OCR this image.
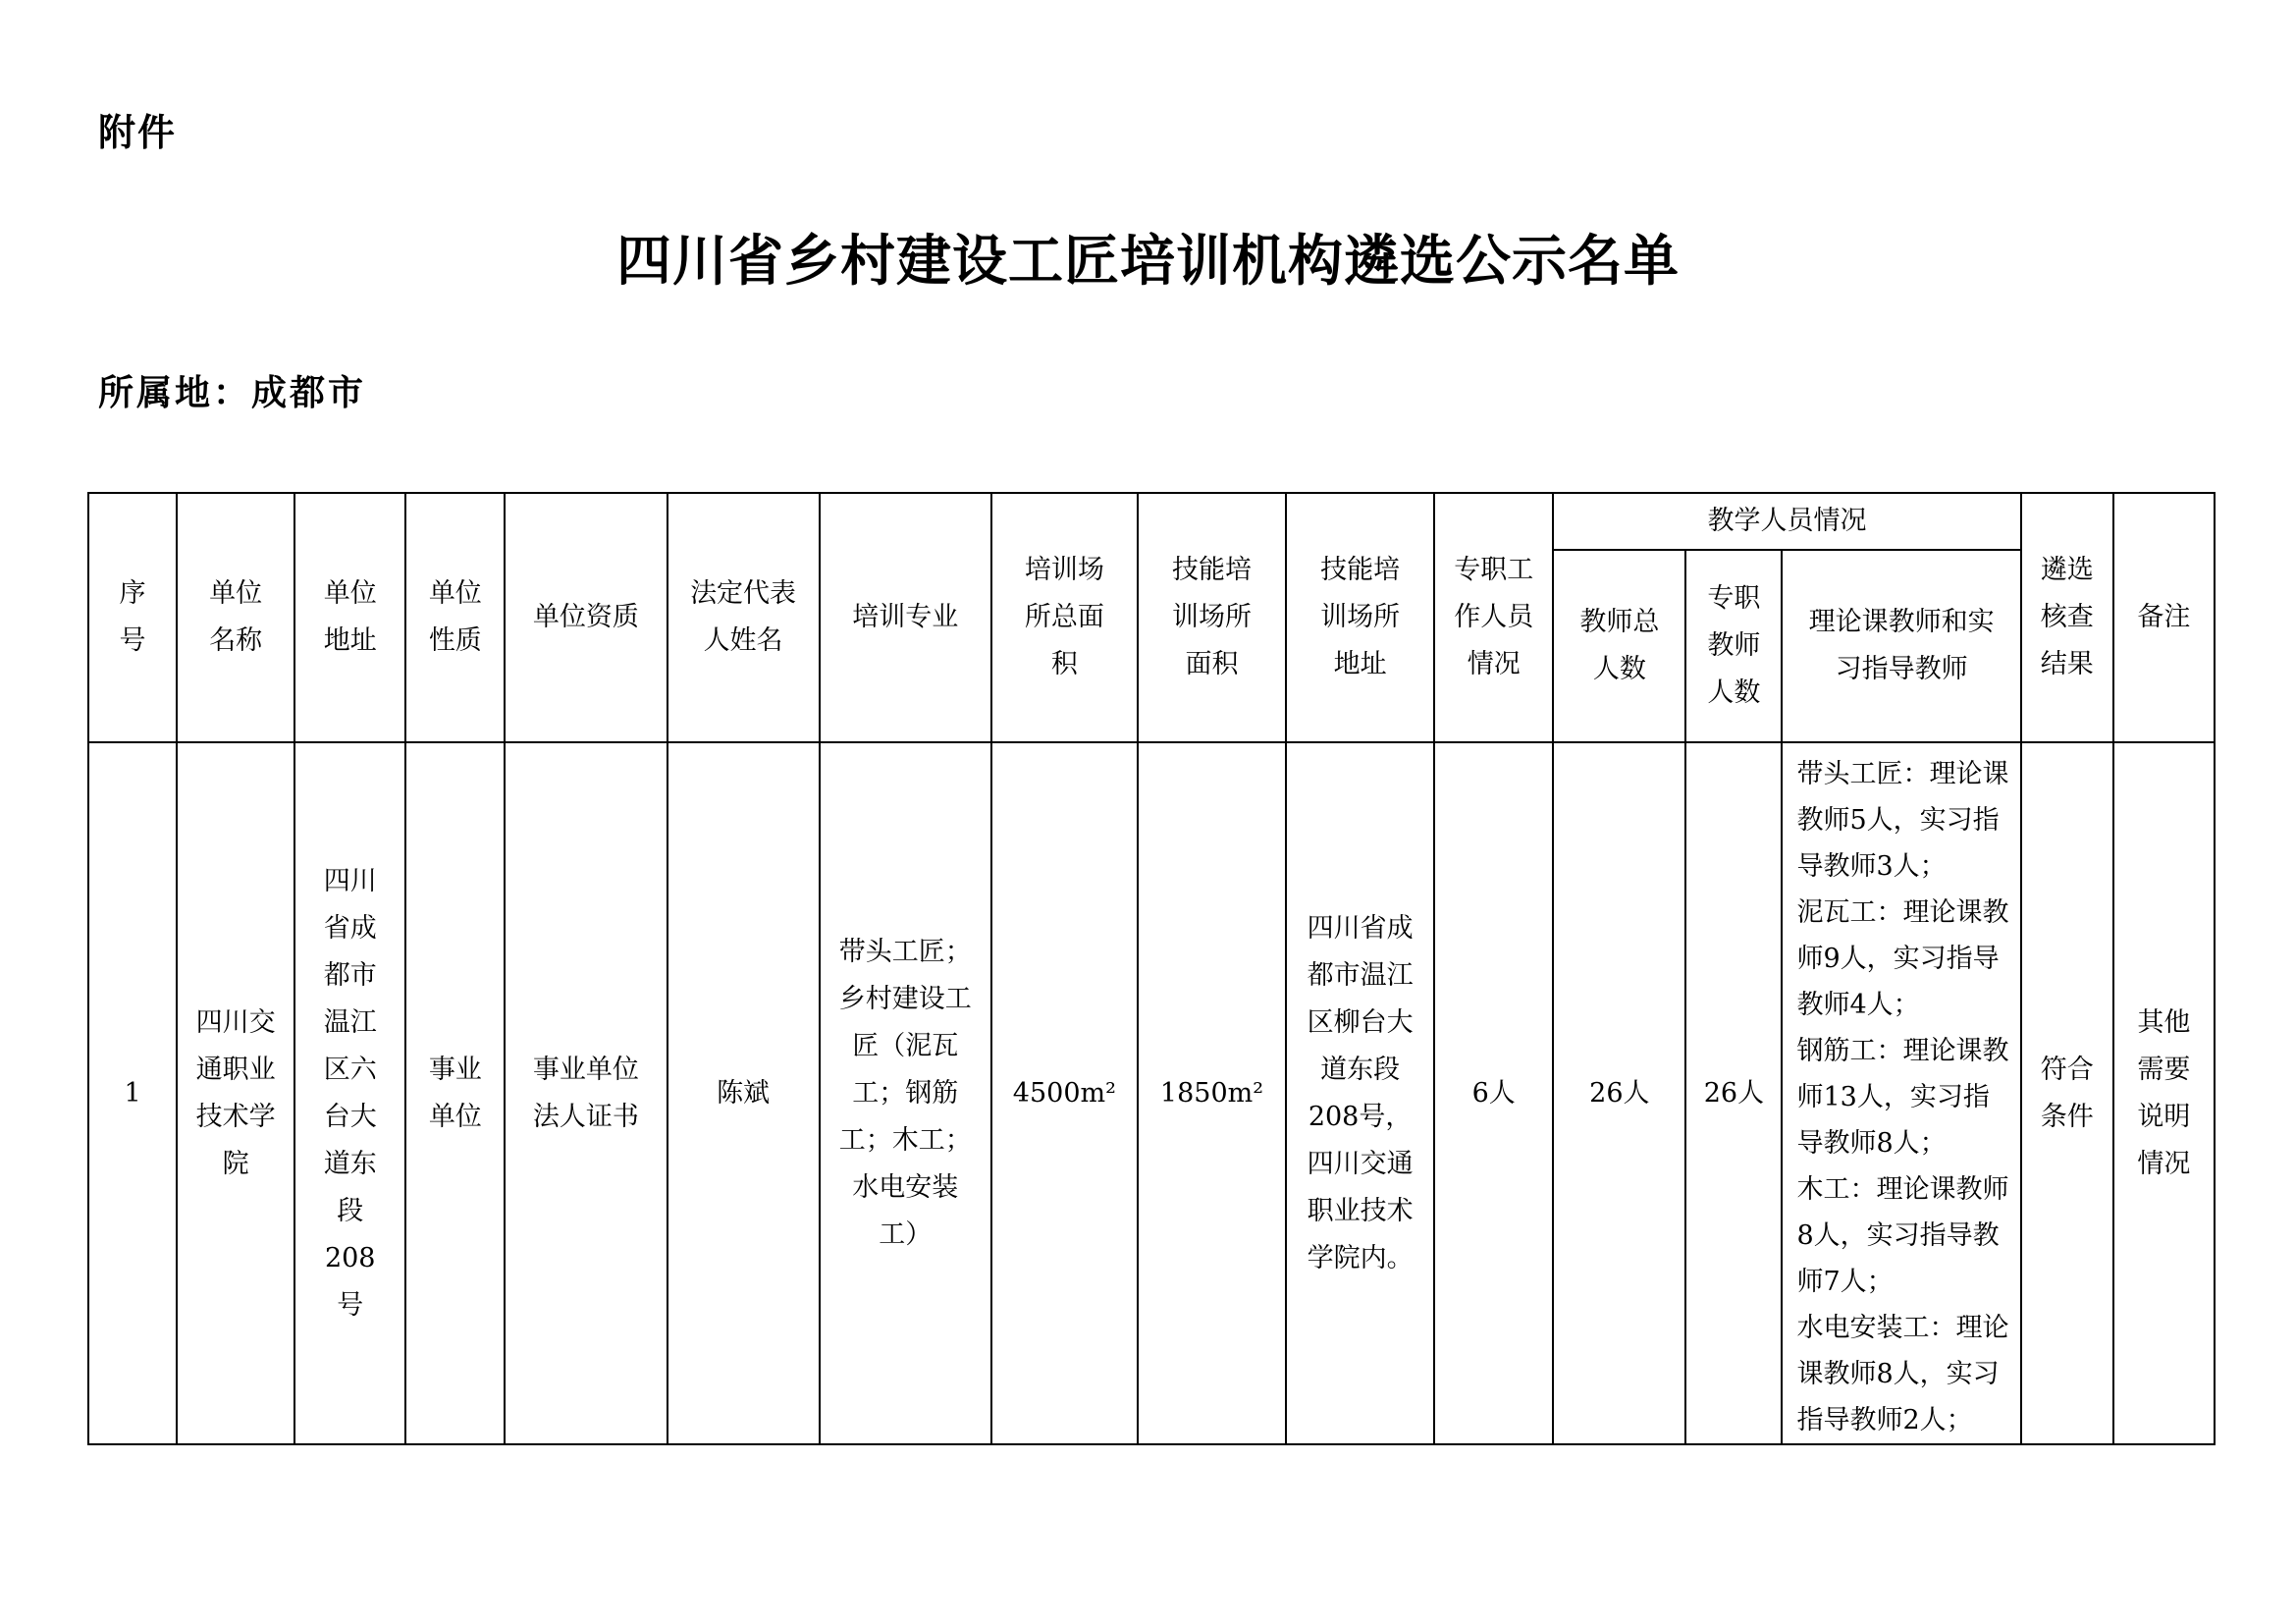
附件
四川省乡村建设工匠培训机构遴选公示名单
所属地：成都市
序号	单位名称	单位地址	单位性质	单位资质	法定代表人姓名	培训专业	培训场所总面积	技能培训场所面积	技能培训场所地址	专职工作人员情况	教学人员情况			遴选核查结果	备注
											教师总人数	专职教师人数	理论课教师和实习指导教师		
1	四川交通职业技术学院	四川省成都市温江区六台大道东段208号	事业单位	事业单位法人证书	陈斌	带头工匠；乡村建设工匠（泥瓦工；钢筋工；木工；水电安装工）	4500m²	1850m²	四川省成都市温江区柳台大道东段208号，四川交通职业技术学院内。	6人	26人	26人	带头工匠：理论课教师5人，实习指导教师3人；
泥瓦工：理论课教师9人，实习指导教师4人；
钢筋工：理论课教师13人，实习指导教师8人；
木工：理论课教师8人，实习指导教师7人；
水电安装工：理论课教师8人，实习指导教师2人；	符合条件	其他需要说明情况
